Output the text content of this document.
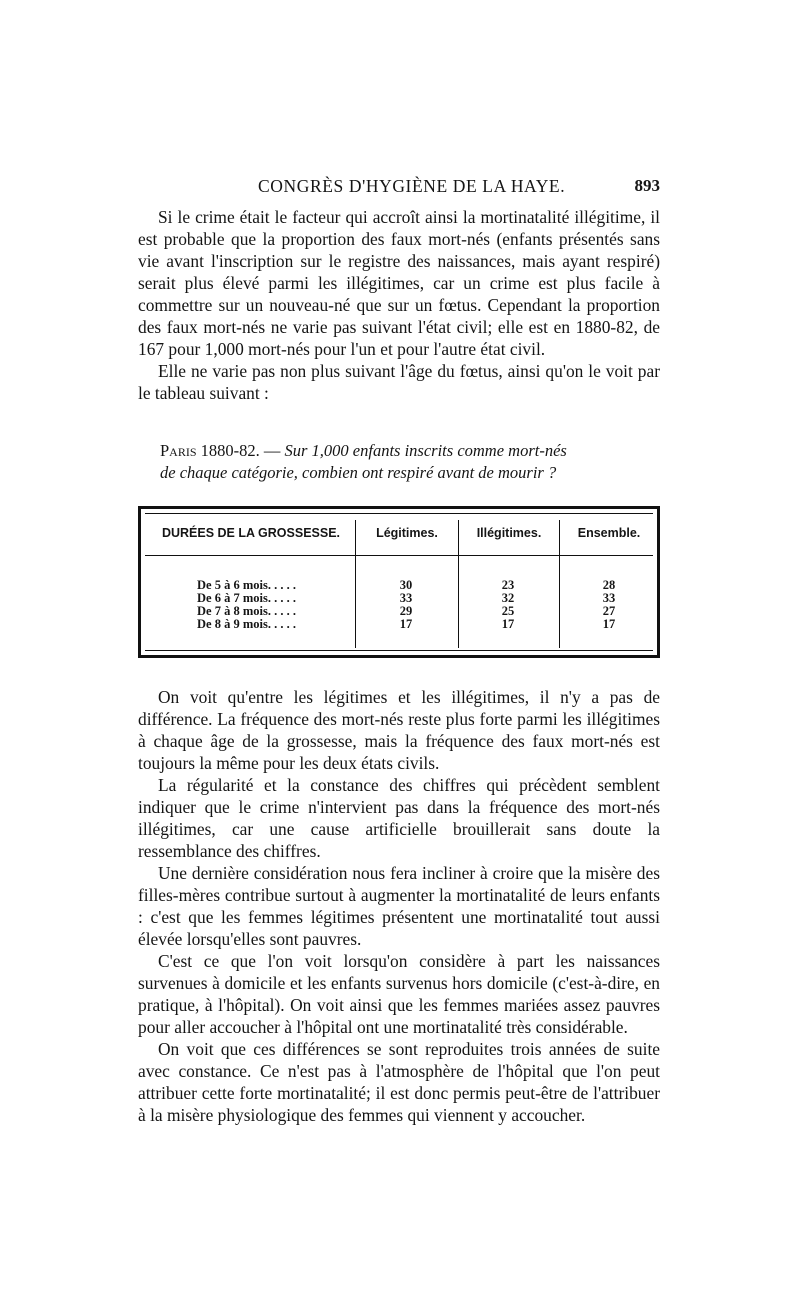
CONGRÈS D'HYGIÈNE DE LA HAYE.	893

Si le crime était le facteur qui accroît ainsi la mortinatalité illégitime, il est probable que la proportion des faux mort-nés (enfants présentés sans vie avant l'inscription sur le registre des naissances, mais ayant respiré) serait plus élevé parmi les illégitimes, car un crime est plus facile à commettre sur un nouveau-né que sur un fœtus. Cependant la proportion des faux mort-nés ne varie pas suivant l'état civil; elle est en 1880-82, de 167 pour 1,000 mort-nés pour l'un et pour l'autre état civil.

Elle ne varie pas non plus suivant l'âge du fœtus, ainsi qu'on le voit par le tableau suivant :

Paris 1880-82. — Sur 1,000 enfants inscrits comme mort-nés
de chaque catégorie, combien ont respiré avant de mourir ?
DURÉES DE LA GROSSESSE.	Légitimes.	Illégitimes.	Ensemble.
De 5 à 6 mois. . . . .	30	23	28
De 6 à 7 mois. . . . .	33	32	33
De 7 à 8 mois. . . . .	29	25	27
De 8 à 9 mois. . . . .	17	17	17

On voit qu'entre les légitimes et les illégitimes, il n'y a pas de différence. La fréquence des mort-nés reste plus forte parmi les illégitimes à chaque âge de la grossesse, mais la fréquence des faux mort-nés est toujours la même pour les deux états civils.

La régularité et la constance des chiffres qui précèdent semblent indiquer que le crime n'intervient pas dans la fréquence des mort-nés illégitimes, car une cause artificielle brouillerait sans doute la ressemblance des chiffres.

Une dernière considération nous fera incliner à croire que la misère des filles-mères contribue surtout à augmenter la mortinatalité de leurs enfants : c'est que les femmes légitimes présentent une mortinatalité tout aussi élevée lorsqu'elles sont pauvres.

C'est ce que l'on voit lorsqu'on considère à part les naissances survenues à domicile et les enfants survenus hors domicile (c'est-à-dire, en pratique, à l'hôpital). On voit ainsi que les femmes mariées assez pauvres pour aller accoucher à l'hôpital ont une mortinatalité très considérable.

On voit que ces différences se sont reproduites trois années de suite avec constance. Ce n'est pas à l'atmosphère de l'hôpital que l'on peut attribuer cette forte mortinatalité; il est donc permis peut-être de l'attribuer à la misère physiologique des femmes qui viennent y accoucher.
